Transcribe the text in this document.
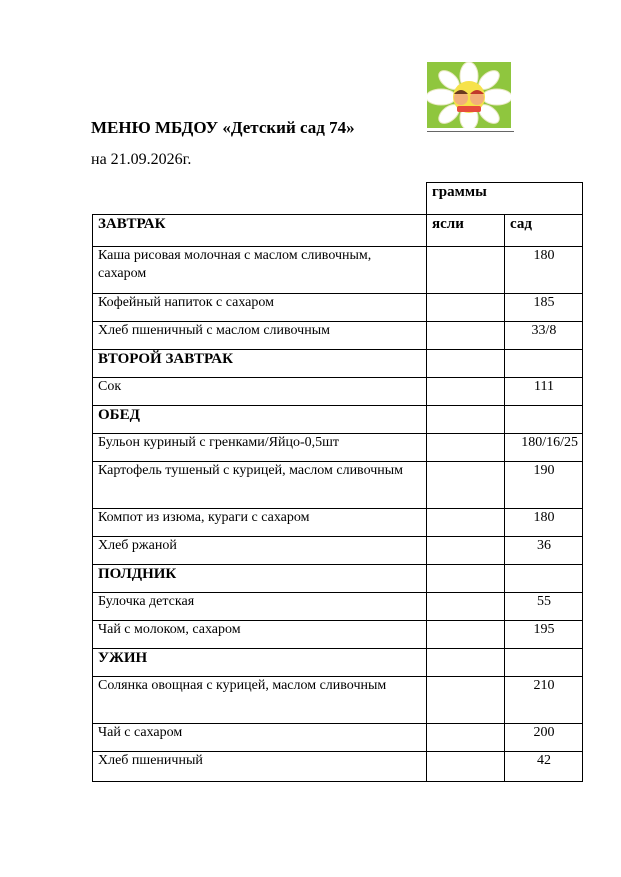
МЕНЮ МБДОУ «Детский сад 74»
на 21.09.2026г.
	граммы	
ЗАВТРАК	ясли	сад
Каша рисовая молочная с маслом сливочным, сахаром		180
Кофейный напиток с сахаром		185
Хлеб пшеничный с маслом сливочным		33/8
ВТОРОЙ ЗАВТРАК		
Сок		111
ОБЕД		
Бульон куриный с гренками/Яйцо-0,5шт		180/16/25
Картофель тушеный с курицей, маслом сливочным		190
Компот из изюма, кураги с сахаром		180
Хлеб ржаной		36
ПОЛДНИК		
Булочка детская		55
Чай с молоком, сахаром		195
УЖИН		
Солянка овощная с курицей, маслом сливочным		210
Чай с сахаром		200
Хлеб пшеничный		42
